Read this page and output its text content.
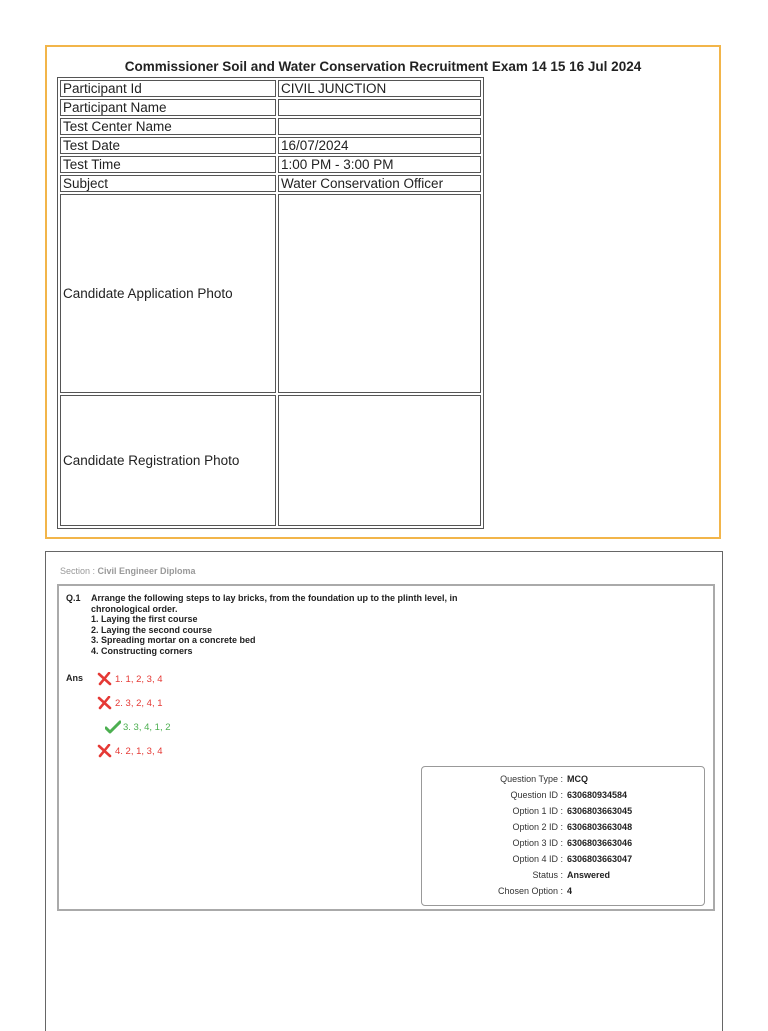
Commissioner Soil and Water Conservation Recruitment Exam 14 15 16 Jul 2024
Participant Id	CIVIL JUNCTION
Participant Name	
Test Center Name	
Test Date	16/07/2024
Test Time	1:00 PM - 3:00 PM
Subject	Water Conservation Officer
Candidate Application Photo	
Candidate Registration Photo	
Section : Civil Engineer Diploma
Q.1 Arrange the following steps to lay bricks, from the foundation up to the plinth level, in
chronological order.
1. Laying the first course
2. Laying the second course
3. Spreading mortar on a concrete bed
4. Constructing corners
Ans	1. 1, 2, 3, 4
2. 3, 2, 4, 1
3. 3, 4, 1, 2
4. 2, 1, 3, 4
Question Type : MCQ
Question ID : 630680934584
Option 1 ID : 6306803663045
Option 2 ID : 6306803663048
Option 3 ID : 6306803663046
Option 4 ID : 6306803663047
Status : Answered
Chosen Option : 4
